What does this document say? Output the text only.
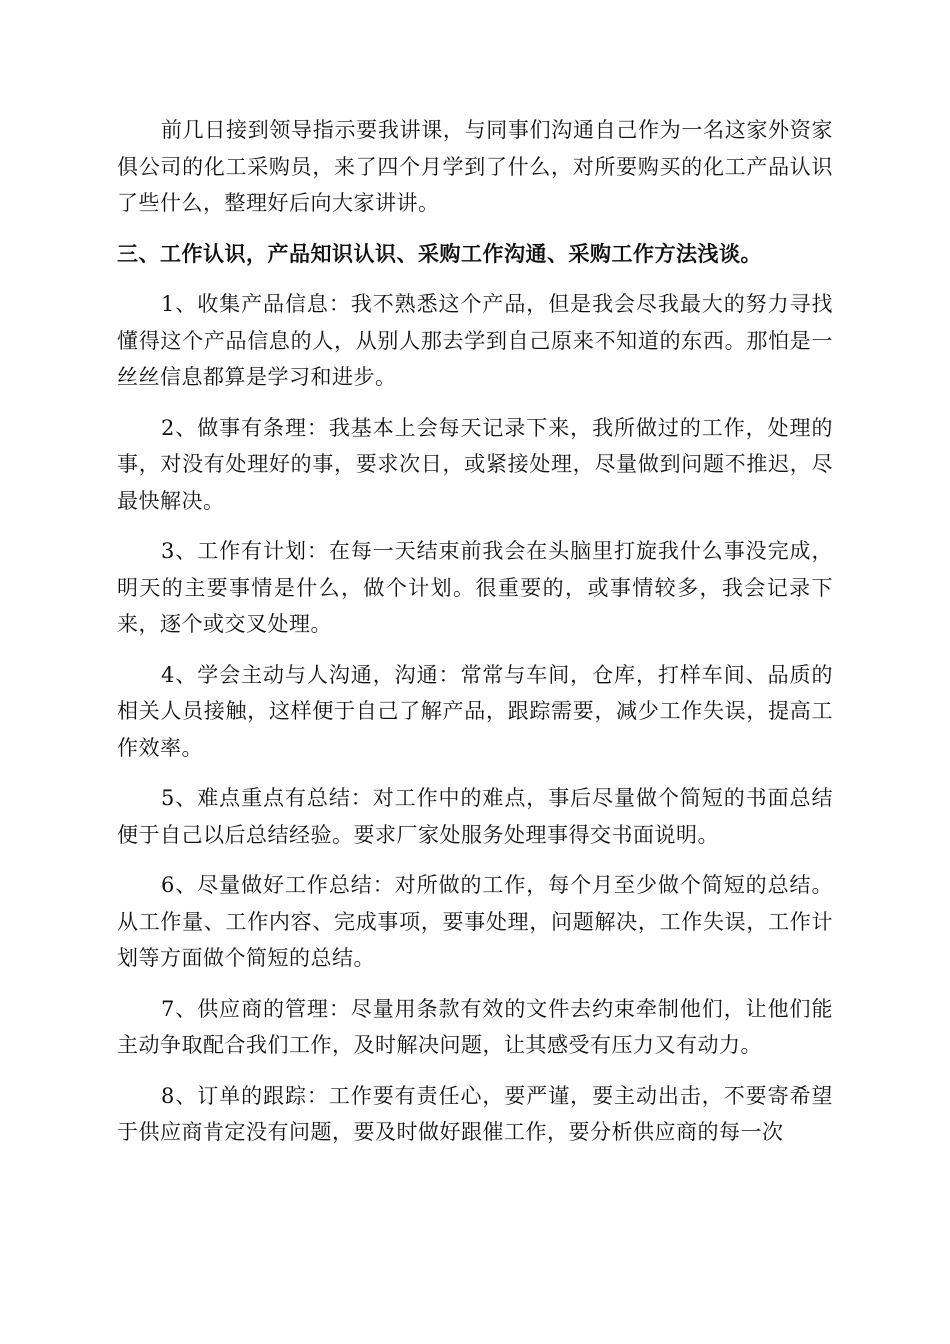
前几日接到领导指示要我讲课，与同事们沟通自己作为一名这家外资家俱公司的化工采购员，来了四个月学到了什么，对所要购买的化工产品认识了些什么，整理好后向大家讲讲。

三、工作认识，产品知识认识、采购工作沟通、采购工作方法浅谈。

1、收集产品信息：我不熟悉这个产品，但是我会尽我最大的努力寻找懂得这个产品信息的人，从别人那去学到自己原来不知道的东西。那怕是一丝丝信息都算是学习和进步。

2、做事有条理：我基本上会每天记录下来，我所做过的工作，处理的事，对没有处理好的事，要求次日，或紧接处理，尽量做到问题不推迟，尽最快解决。

3、工作有计划：在每一天结束前我会在头脑里打旋我什么事没完成，明天的主要事情是什么，做个计划。很重要的，或事情较多，我会记录下来，逐个或交叉处理。

4、学会主动与人沟通，沟通：常常与车间，仓库，打样车间、品质的相关人员接触，这样便于自己了解产品，跟踪需要，减少工作失误，提高工作效率。

5、难点重点有总结：对工作中的难点，事后尽量做个简短的书面总结便于自己以后总结经验。要求厂家处服务处理事得交书面说明。

6、尽量做好工作总结：对所做的工作，每个月至少做个简短的总结。从工作量、工作内容、完成事项，要事处理，问题解决，工作失误，工作计划等方面做个简短的总结。

7、供应商的管理：尽量用条款有效的文件去约束牵制他们，让他们能主动争取配合我们工作，及时解决问题，让其感受有压力又有动力。

8、订单的跟踪：工作要有责任心，要严谨，要主动出击，不要寄希望于供应商肯定没有问题，要及时做好跟催工作，要分析供应商的每一次
